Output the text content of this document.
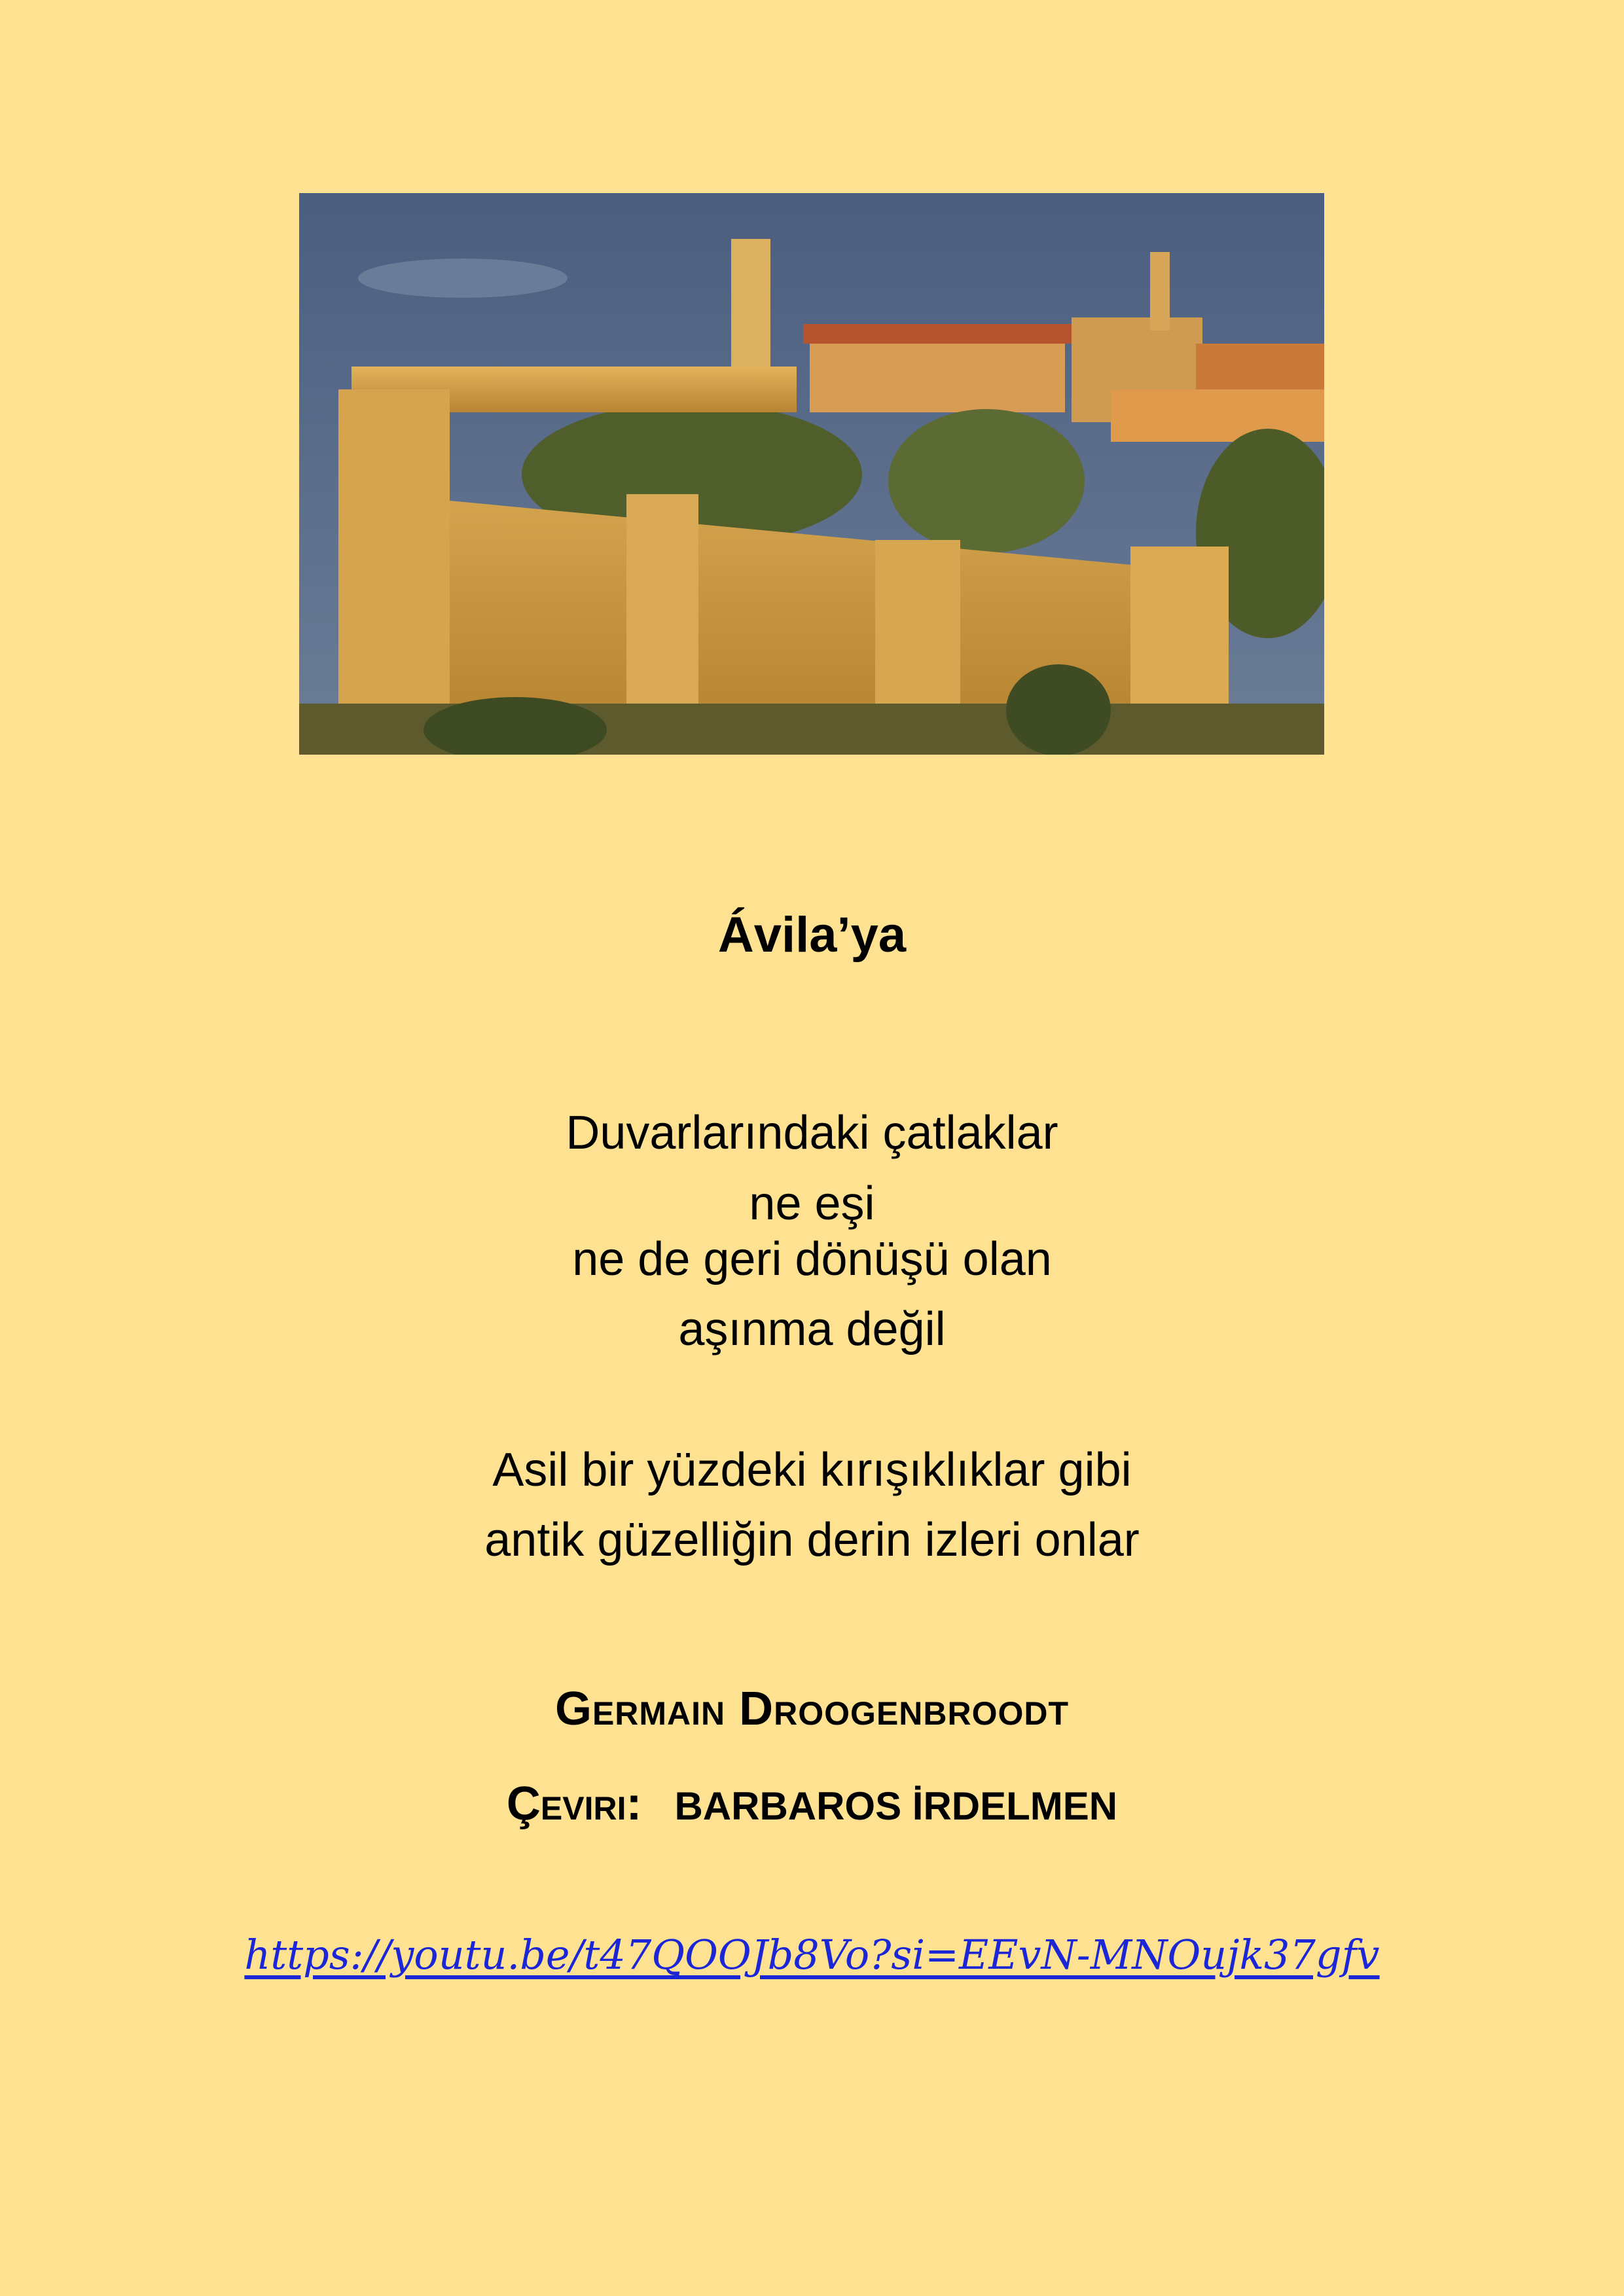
Ávila’ya
Duvarlarındaki çatlaklar
ne eşi
ne de geri dönüşü olan
aşınma değil
Asil bir yüzdeki kırışıklıklar gibi
antik güzelliğin derin izleri onlar
Germain Droogenbroodt
Çeviri: BARBAROS İRDELMEN
https://youtu.be/t47QOOJb8Vo?si=EEvN-MNOujk37gfv
